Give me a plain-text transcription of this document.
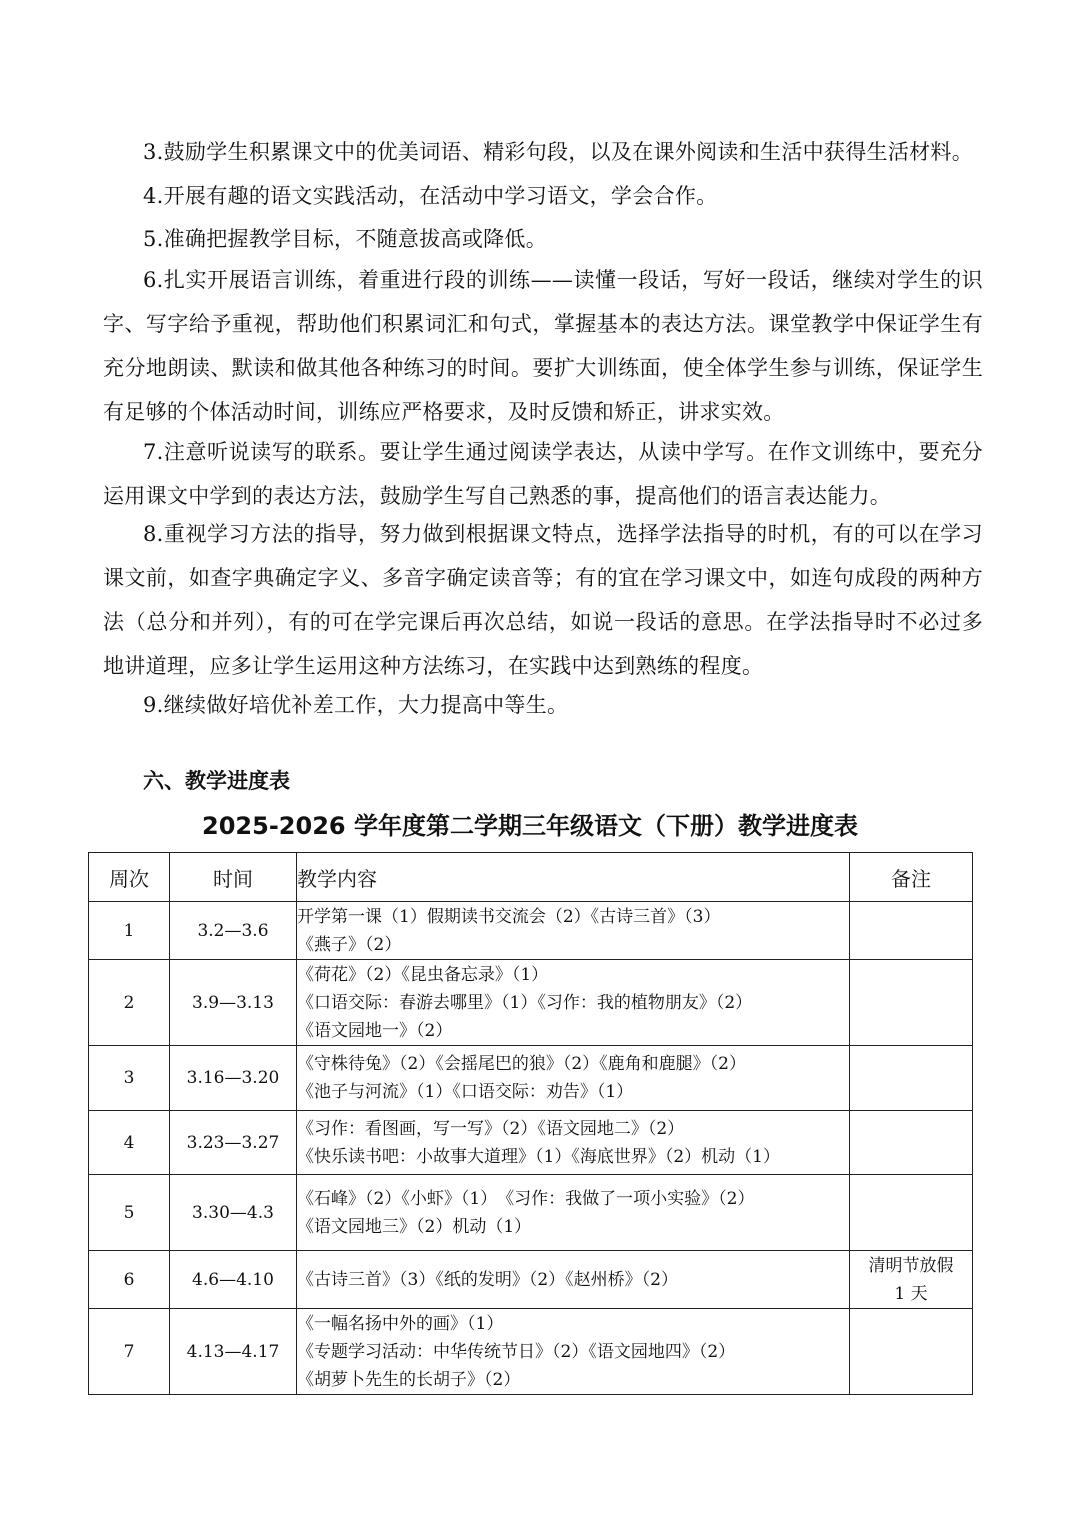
3.鼓励学生积累课文中的优美词语、精彩句段，以及在课外阅读和生活中获得生活材料。

4.开展有趣的语文实践活动，在活动中学习语文，学会合作。

5.准确把握教学目标，不随意拔高或降低。

6.扎实开展语言训练，着重进行段的训练——读懂一段话，写好一段话，继续对学生的识字、写字给予重视，帮助他们积累词汇和句式，掌握基本的表达方法。课堂教学中保证学生有充分地朗读、默读和做其他各种练习的时间。要扩大训练面，使全体学生参与训练，保证学生有足够的个体活动时间，训练应严格要求，及时反馈和矫正，讲求实效。

7.注意听说读写的联系。要让学生通过阅读学表达，从读中学写。在作文训练中，要充分运用课文中学到的表达方法，鼓励学生写自己熟悉的事，提高他们的语言表达能力。

8.重视学习方法的指导，努力做到根据课文特点，选择学法指导的时机，有的可以在学习课文前，如查字典确定字义、多音字确定读音等；有的宜在学习课文中，如连句成段的两种方法（总分和并列），有的可在学完课后再次总结，如说一段话的意思。在学法指导时不必过多地讲道理，应多让学生运用这种方法练习，在实践中达到熟练的程度。

9.继续做好培优补差工作，大力提高中等生。

六、教学进度表
2025-2026 学年度第二学期三年级语文（下册）教学进度表
周次	时间	教学内容	备注
1	3.2—3.6	开学第一课（1）假期读书交流会（2）《古诗三首》（3）
《燕子》（2）	

2	3.9—3.13	《荷花》（2）《昆虫备忘录》（1）
《口语交际：春游去哪里》（1）《习作：我的植物朋友》（2）
《语文园地一》（2）	

3	3.16—3.20	《守株待兔》（2）《会摇尾巴的狼》（2）《鹿角和鹿腿》（2）
《池子与河流》（1）《口语交际：劝告》（1）	

4	3.23—3.27	《习作：看图画，写一写》（2）《语文园地二》（2）
《快乐读书吧：小故事大道理》（1）《海底世界》（2）机动（1）	

5	3.30—4.3	《石峰》（2）《小虾》（1）　《习作：我做了一项小实验》（2）
《语文园地三》（2）机动（1）	

6	4.6—4.10	《古诗三首》（3）《纸的发明》（2）《赵州桥》（2）	清明节放假
1 天

7	4.13—4.17	《一幅名扬中外的画》（1）
《专题学习活动：中华传统节日》（2）《语文园地四》（2）
《胡萝卜先生的长胡子》（2）	
